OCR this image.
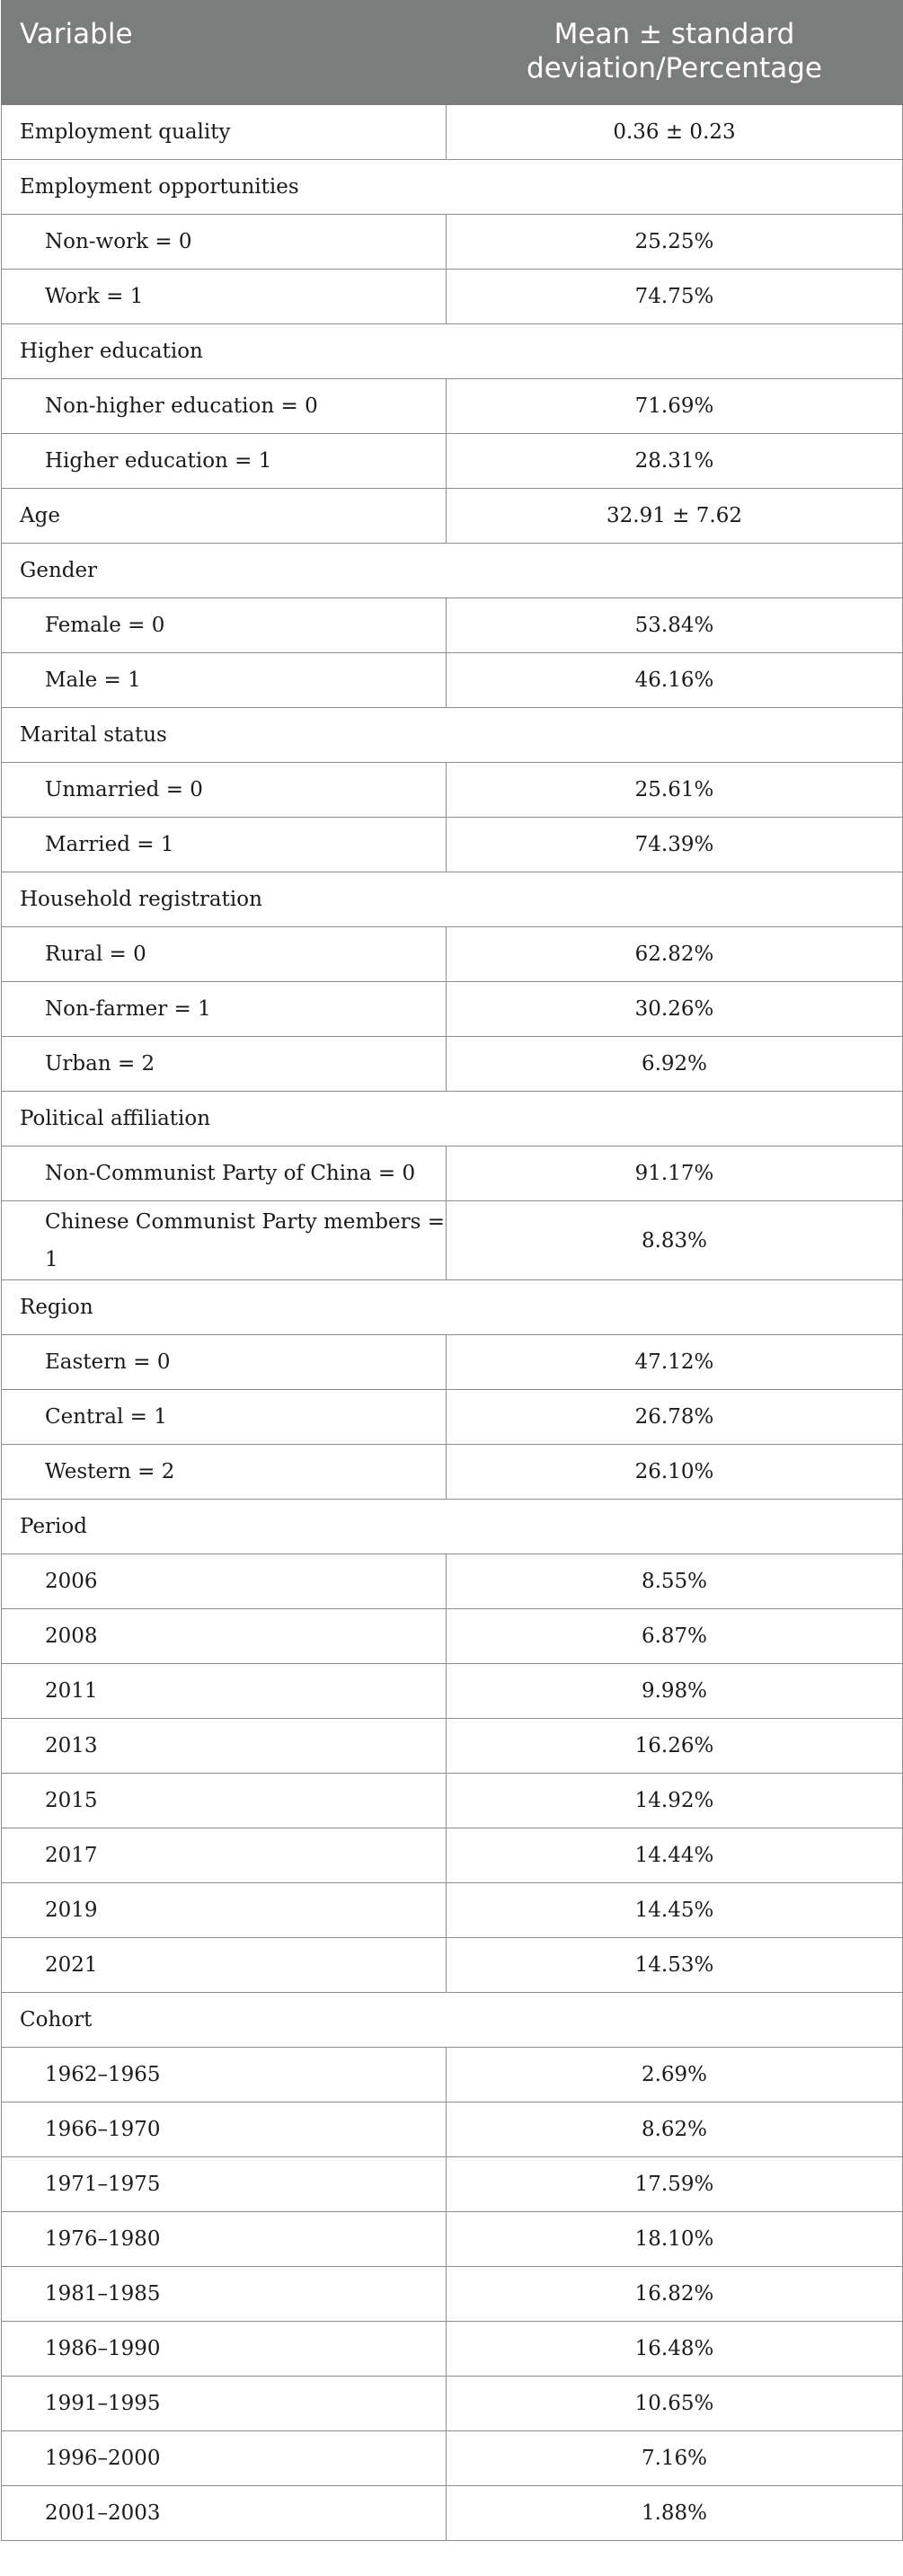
Variable	Mean ± standard deviation/Percentage

Employment quality	0.36 ± 0.23
Employment opportunities	
Non-work = 0	25.25%
Work = 1	74.75%
Higher education	
Non-higher education = 0	71.69%
Higher education = 1	28.31%
Age	32.91 ± 7.62
Gender	
Female = 0	53.84%
Male = 1	46.16%
Marital status	
Unmarried = 0	25.61%
Married = 1	74.39%
Household registration	
Rural = 0	62.82%
Non-farmer = 1	30.26%
Urban = 2	6.92%
Political affiliation	
Non-Communist Party of China = 0	91.17%
Chinese Communist Party members = 1	8.83%
Region	
Eastern = 0	47.12%
Central = 1	26.78%
Western = 2	26.10%
Period	
2006	8.55%
2008	6.87%
2011	9.98%
2013	16.26%
2015	14.92%
2017	14.44%
2019	14.45%
2021	14.53%
Cohort	
1962–1965	2.69%
1966–1970	8.62%
1971–1975	17.59%
1976–1980	18.10%
1981–1985	16.82%
1986–1990	16.48%
1991–1995	10.65%
1996–2000	7.16%
2001–2003	1.88%
